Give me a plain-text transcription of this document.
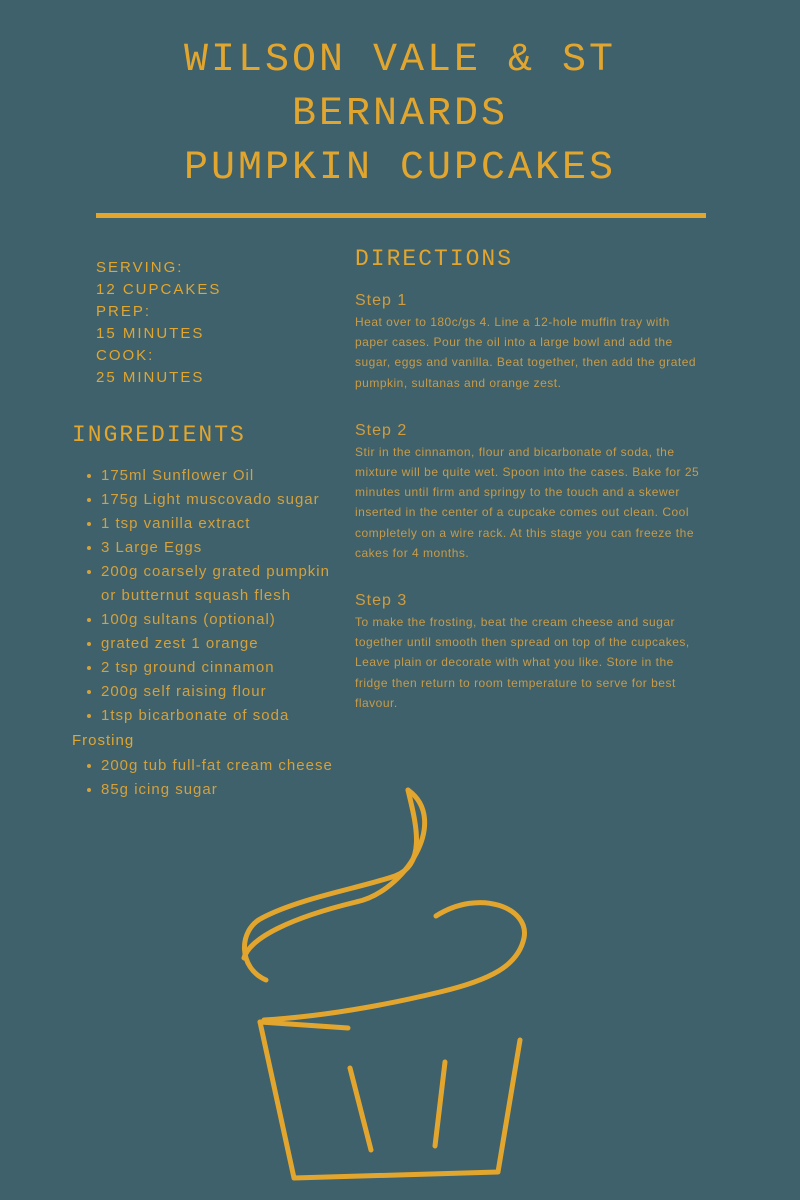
WILSON VALE & ST
BERNARDS
PUMPKIN CUPCAKES
SERVING:
12 CUPCAKES
PREP:
15 MINUTES
COOK:
25 MINUTES
INGREDIENTS
175ml Sunflower Oil
175g Light muscovado sugar
1 tsp vanilla extract
3 Large Eggs
200g coarsely grated pumpkin or butternut squash flesh
100g sultans (optional)
grated zest 1 orange
2 tsp ground cinnamon
200g self raising flour
1tsp bicarbonate of soda
Frosting
200g tub full-fat cream cheese
85g icing sugar
DIRECTIONS
Step 1
Heat over to 180c/gs 4. Line a 12-hole muffin tray with paper cases. Pour the oil into a large bowl and add the sugar, eggs and vanilla. Beat together, then add the grated pumpkin, sultanas and orange zest.
Step 2
Stir in the cinnamon, flour and bicarbonate of soda, the mixture will be quite wet. Spoon into the cases. Bake for 25 minutes until firm and springy to the touch and a skewer inserted in the center of a cupcake comes out clean. Cool completely on a wire rack. At this stage you can freeze the cakes for 4 months.
Step 3
To make the frosting, beat the cream cheese and sugar together until smooth then spread on top of the cupcakes, Leave plain or decorate with what you like. Store in the fridge then return to room temperature to serve for best flavour.
